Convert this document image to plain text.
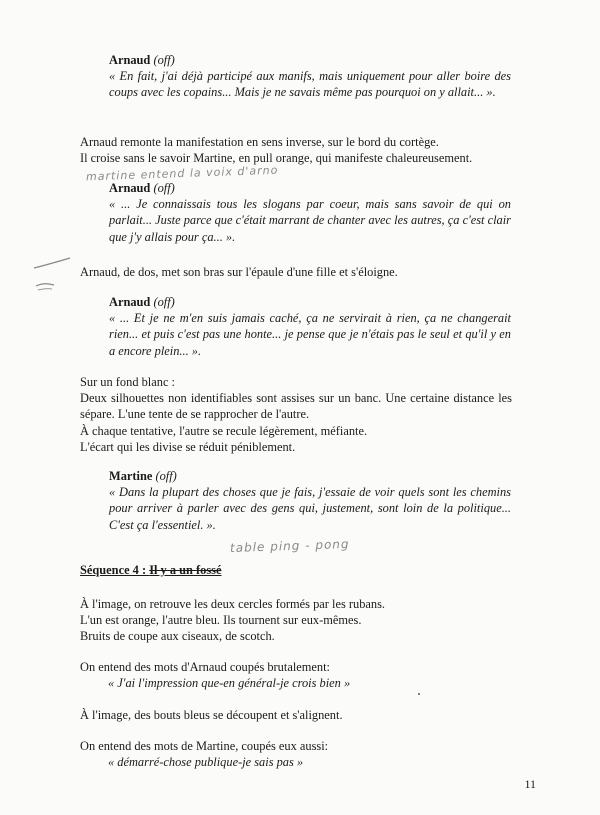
Arnaud (off)

« En fait, j'ai déjà participé aux manifs, mais uniquement pour aller boire des coups avec les copains... Mais je ne savais même pas pourquoi on y allait... ».

Arnaud remonte la manifestation en sens inverse, sur le bord du cortège.
Il croise sans le savoir Martine, en pull orange, qui manifeste chaleureusement.
martine entend la voix d'arno
Arnaud (off)

« ... Je connaissais tous les slogans par coeur, mais sans savoir de qui on parlait... Juste parce que c'était marrant de chanter avec les autres, ça c'est clair que j'y allais pour ça... ».

Arnaud, de dos, met son bras sur l'épaule d'une fille et s'éloigne.
Arnaud (off)

« ... Et je ne m'en suis jamais caché, ça ne servirait à rien, ça ne changerait rien... et puis c'est pas une honte... je pense que je n'étais pas le seul et qu'il y en a encore plein... ».

Sur un fond blanc :

Deux silhouettes non identifiables sont assises sur un banc. Une certaine distance les sépare. L'une tente de se rapprocher de l'autre.

À chaque tentative, l'autre se recule légèrement, méfiante.
L'écart qui les divise se réduit péniblement.
Martine (off)

« Dans la plupart des choses que je fais, j'essaie de voir quels sont les chemins pour arriver à parler avec des gens qui, justement, sont loin de la politique... C'est ça l'essentiel. ».

table ping - pong
Séquence 4 : Il y a un fossé
À l'image, on retrouve les deux cercles formés par les rubans.
L'un est orange, l'autre bleu. Ils tournent sur eux-mêmes.
Bruits de coupe aux ciseaux, de scotch.
On entend des mots d'Arnaud coupés brutalement:
« J'ai l'impression que-en général-je crois bien »
À l'image, des bouts bleus se découpent et s'alignent.
On entend des mots de Martine, coupés eux aussi:
« démarré-chose publique-je sais pas »
11
